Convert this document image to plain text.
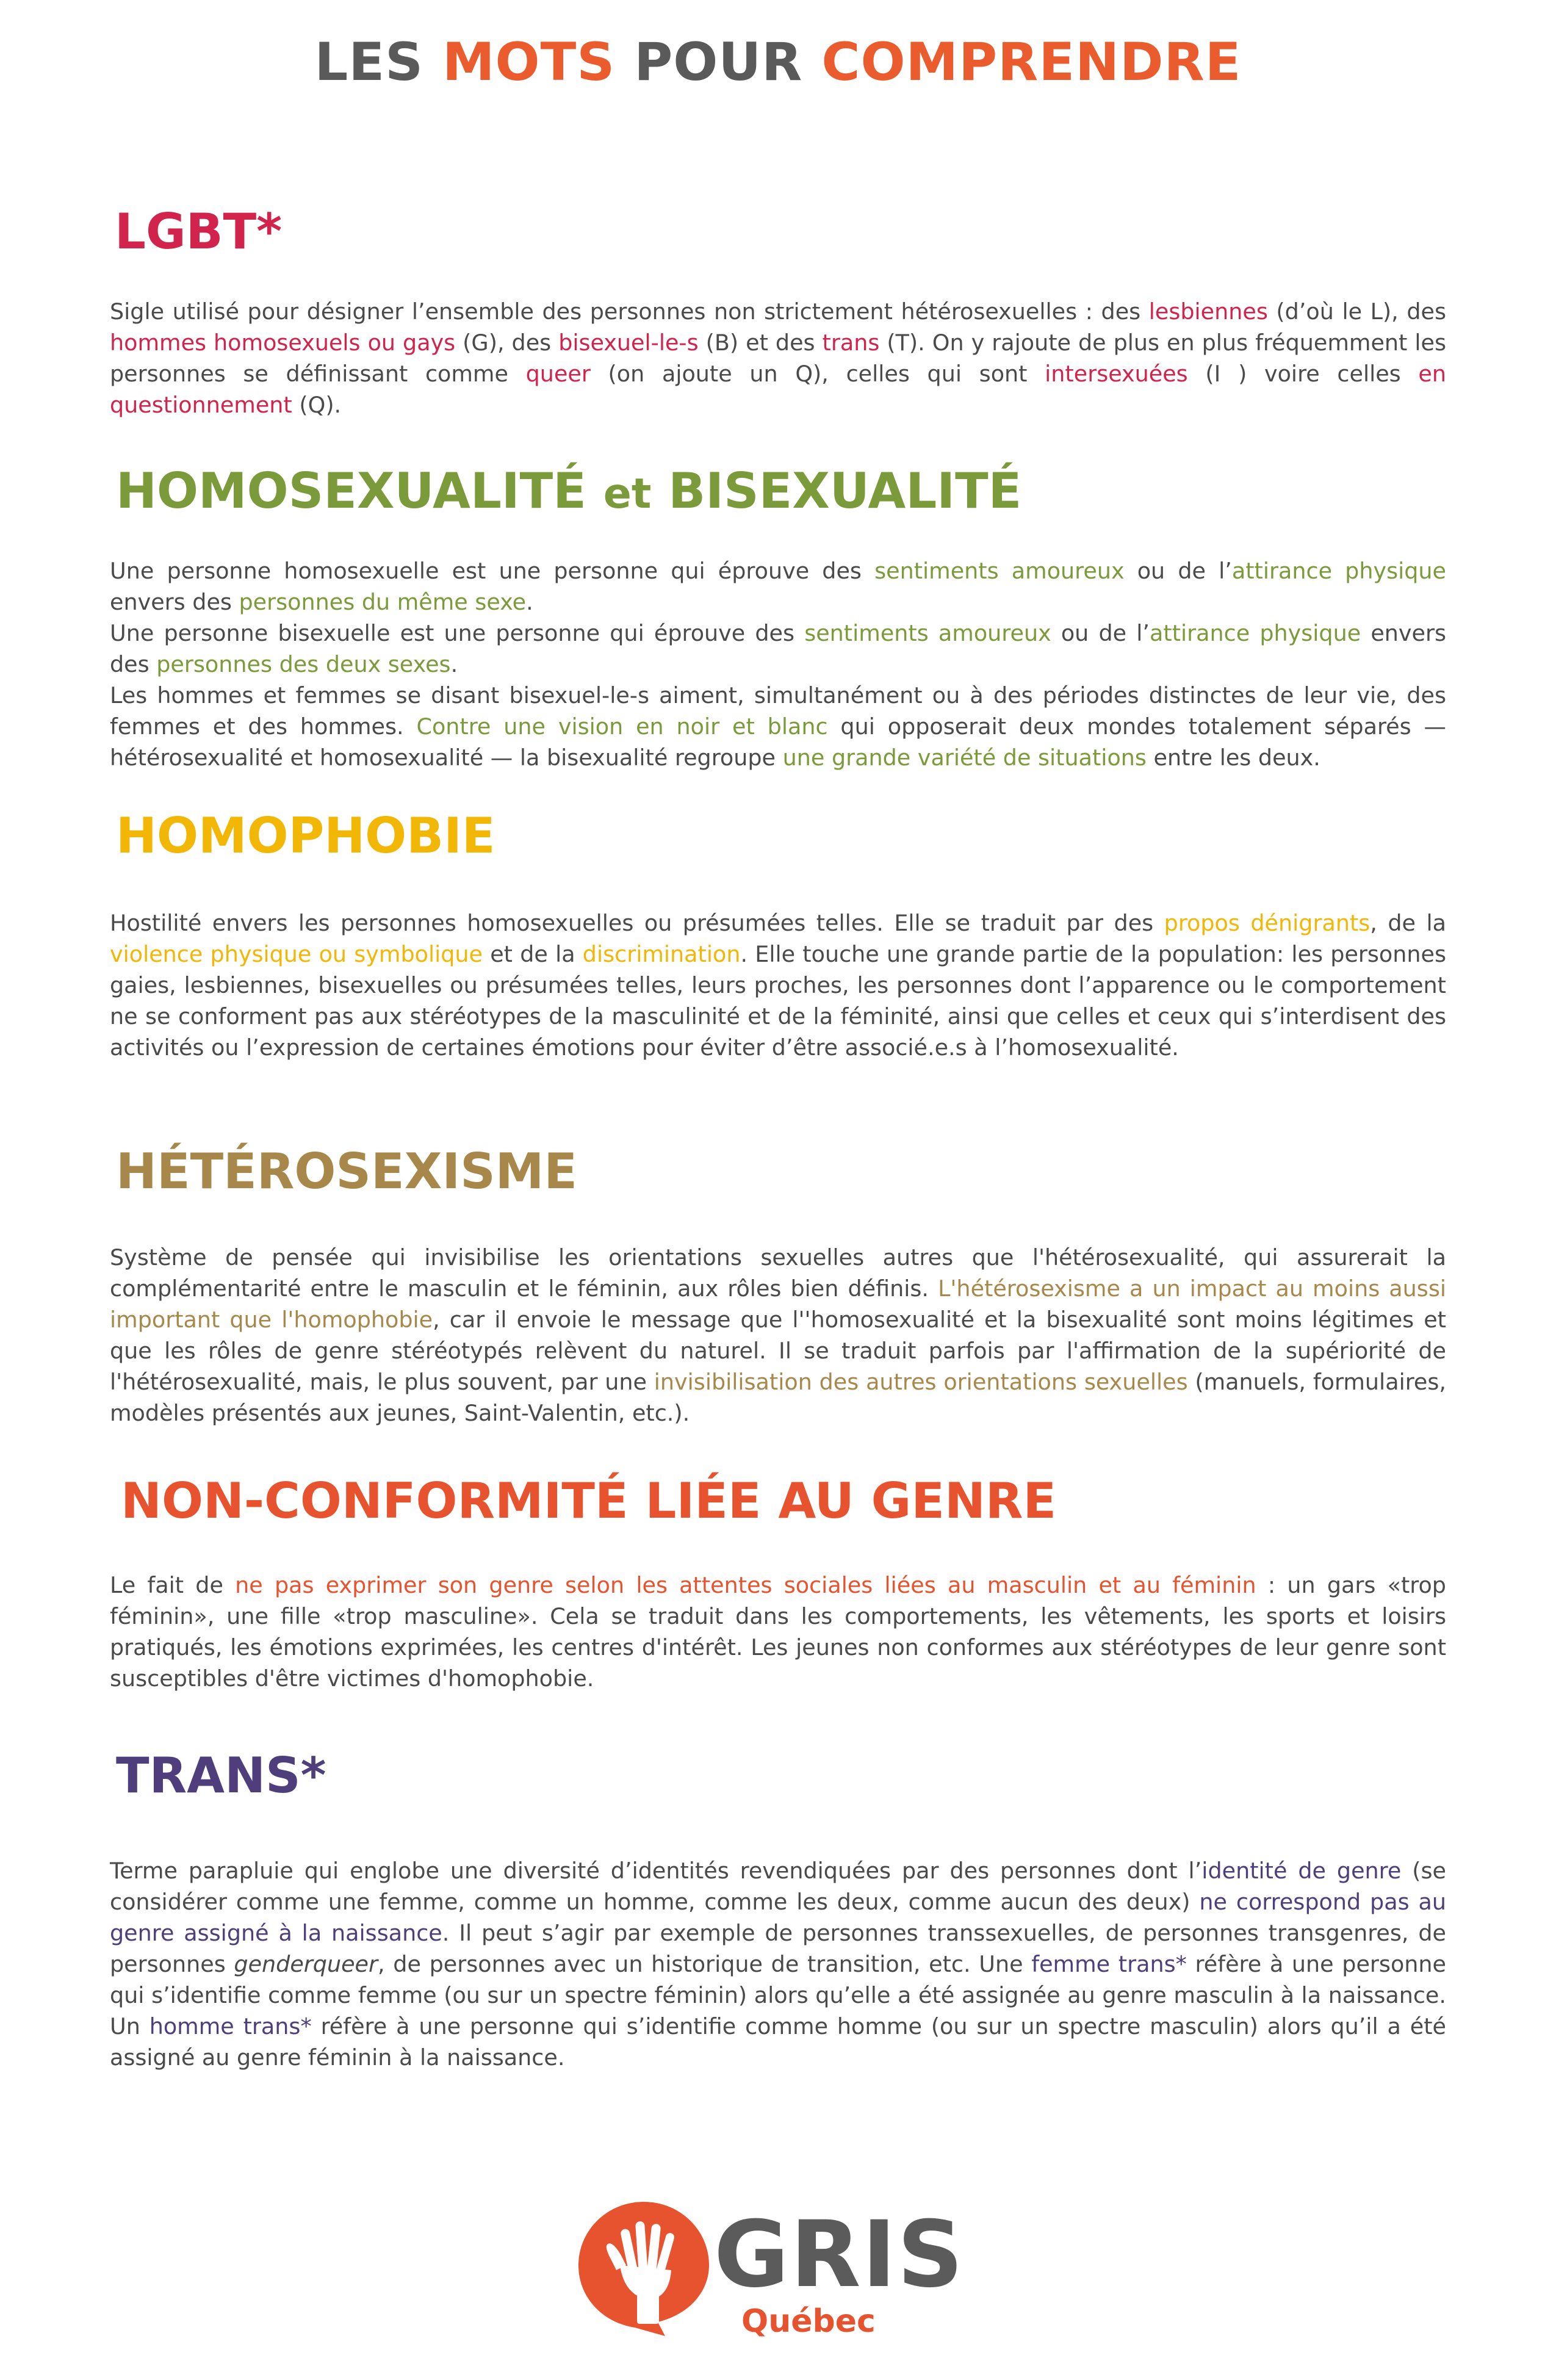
LES MOTS POUR COMPRENDRE
LGBT*

Sigle utilisé pour désigner l’ensemble des personnes non strictement hétérosexuelles : des lesbiennes (d’où le L), des hommes homosexuels ou gays (G), des bisexuel-le-s (B) et des trans (T). On y rajoute de plus en plus fréquemment les personnes se définissant comme queer (on ajoute un Q), celles qui sont intersexuées (I ) voire celles en questionnement (Q).

HOMOSEXUALITÉ et BISEXUALITÉ

Une personne homosexuelle est une personne qui éprouve des sentiments amoureux ou de l’attirance physique envers des personnes du même sexe.

Une personne bisexuelle est une personne qui éprouve des sentiments amoureux ou de l’attirance physique envers des personnes des deux sexes.

Les hommes et femmes se disant bisexuel-le-s aiment, simultanément ou à des périodes distinctes de leur vie, des femmes et des hommes. Contre une vision en noir et blanc qui opposerait deux mondes totalement séparés — hétérosexualité et homosexualité — la bisexualité regroupe une grande variété de situations entre les deux.

HOMOPHOBIE

Hostilité envers les personnes homosexuelles ou présumées telles. Elle se traduit par des propos dénigrants, de la violence physique ou symbolique et de la discrimination. Elle touche une grande partie de la population: les personnes gaies, lesbiennes, bisexuelles ou présumées telles, leurs proches, les personnes dont l’apparence ou le comportement ne se conforment pas aux stéréotypes de la masculinité et de la féminité, ainsi que celles et ceux qui s’interdisent des activités ou l’expression de certaines émotions pour éviter d’être associé.e.s à l’homosexualité.

HÉTÉROSEXISME

Système de pensée qui invisibilise les orientations sexuelles autres que l'hétérosexualité, qui assurerait la complémentarité entre le masculin et le féminin, aux rôles bien définis. L'hétérosexisme a un impact au moins aussi important que l'homophobie, car il envoie le message que l''homosexualité et la bisexualité sont moins légitimes et que les rôles de genre stéréotypés relèvent du naturel. Il se traduit parfois par l'affirmation de la supériorité de l'hétérosexualité, mais, le plus souvent, par une invisibilisation des autres orientations sexuelles (manuels, formulaires, modèles présentés aux jeunes, Saint-Valentin, etc.).

NON-CONFORMITÉ LIÉE AU GENRE

Le fait de ne pas exprimer son genre selon les attentes sociales liées au masculin et au féminin : un gars «trop féminin», une fille «trop masculine». Cela se traduit dans les comportements, les vêtements, les sports et loisirs pratiqués, les émotions exprimées, les centres d'intérêt. Les jeunes non conformes aux stéréotypes de leur genre sont susceptibles d'être victimes d'homophobie.

TRANS*

Terme parapluie qui englobe une diversité d’identités revendiquées par des personnes dont l’identité de genre (se considérer comme une femme, comme un homme, comme les deux, comme aucun des deux) ne correspond pas au genre assigné à la naissance. Il peut s’agir par exemple de personnes transsexuelles, de personnes transgenres, de personnes genderqueer, de personnes avec un historique de transition, etc. Une femme trans* réfère à une personne qui s’identifie comme femme (ou sur un spectre féminin) alors qu’elle a été assignée au genre masculin à la naissance. Un homme trans* réfère à une personne qui s’identifie comme homme (ou sur un spectre masculin) alors qu’il a été assigné au genre féminin à la naissance.

GRIS
Québec
